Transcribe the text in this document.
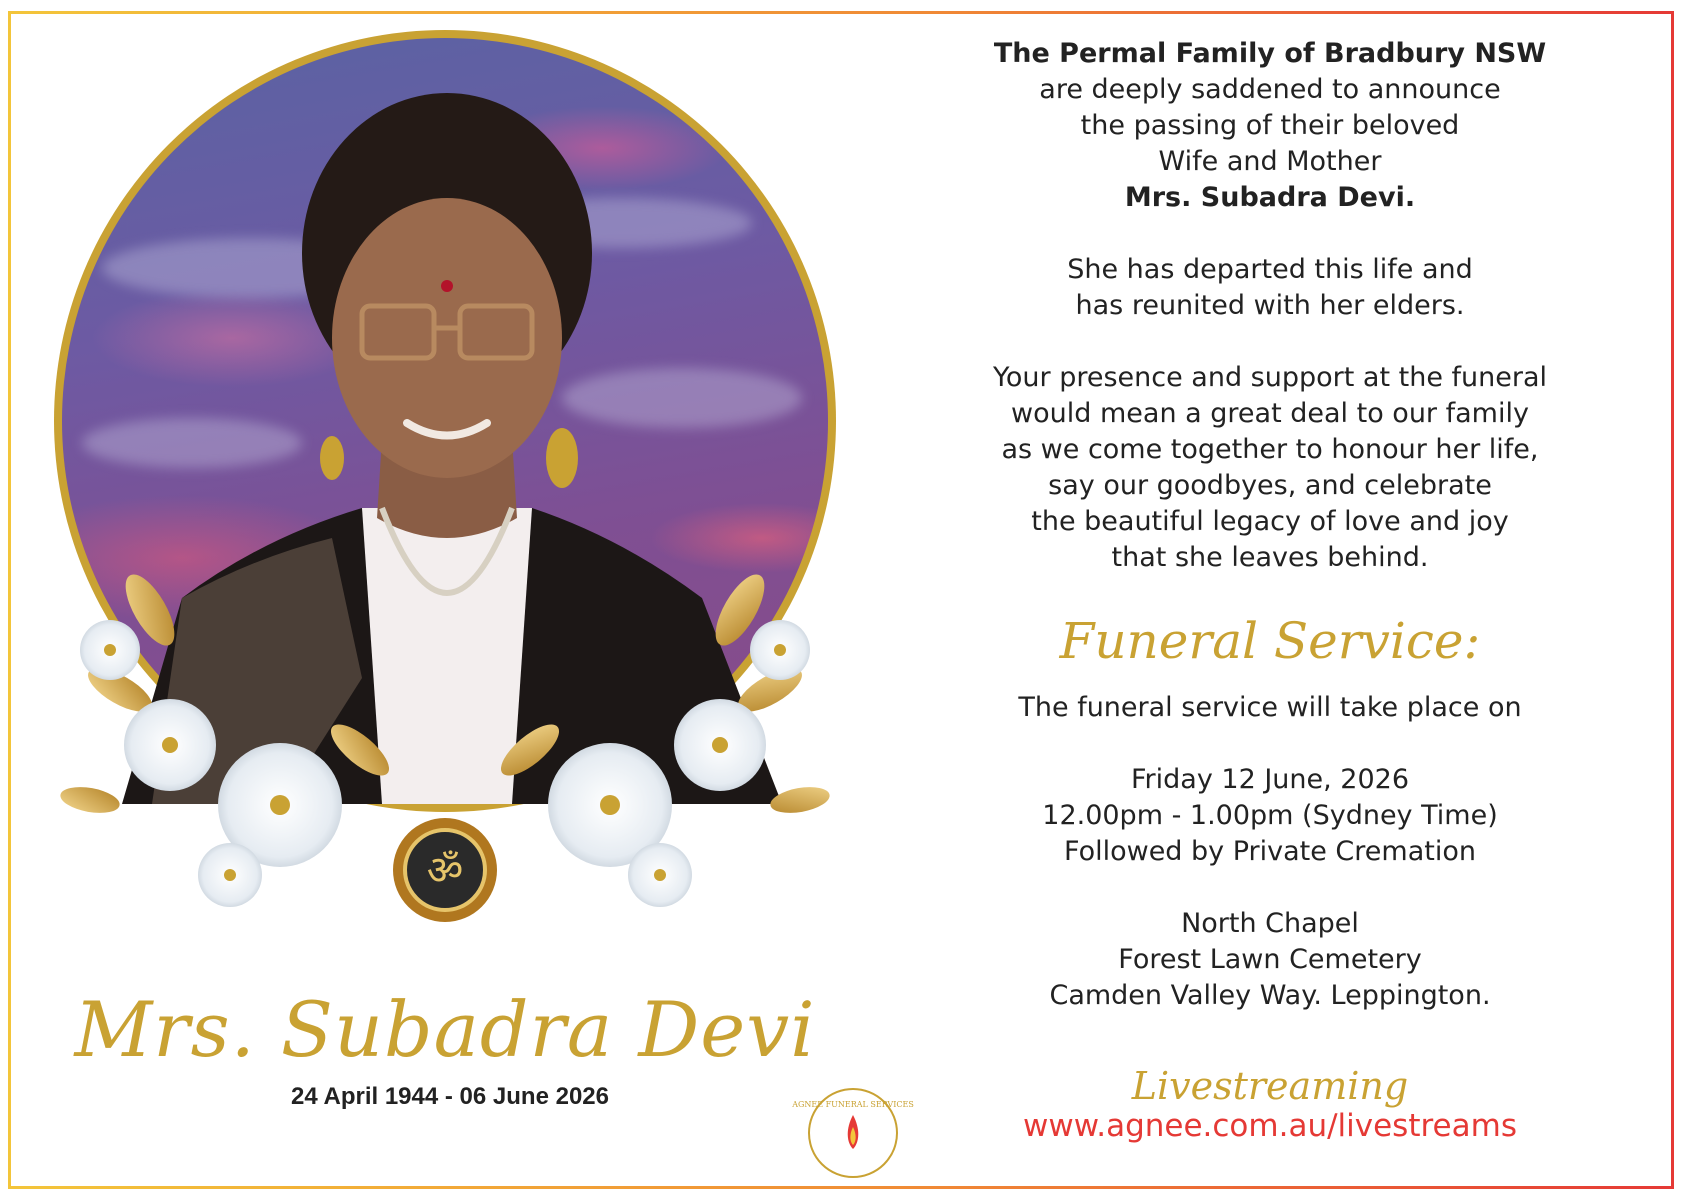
ॐ
Mrs. Subadra Devi
24 April 1944 - 06 June 2026	AGNEE FUNERAL SERVICES

The Permal Family of Bradbury NSW

are deeply saddened to announce

the passing of their beloved

Wife and Mother

Mrs. Subadra Devi.

She has departed this life and

has reunited with her elders.

Your presence and support at the funeral

would mean a great deal to our family

as we come together to honour her life,

say our goodbyes, and celebrate

the beautiful legacy of love and joy

that she leaves behind.

Funeral Service:

The funeral service will take place on

Friday 12 June, 2026

12.00pm - 1.00pm (Sydney Time)

Followed by Private Cremation

North Chapel

Forest Lawn Cemetery

Camden Valley Way. Leppington.

Livestreaming
www.agnee.com.au/livestreams
